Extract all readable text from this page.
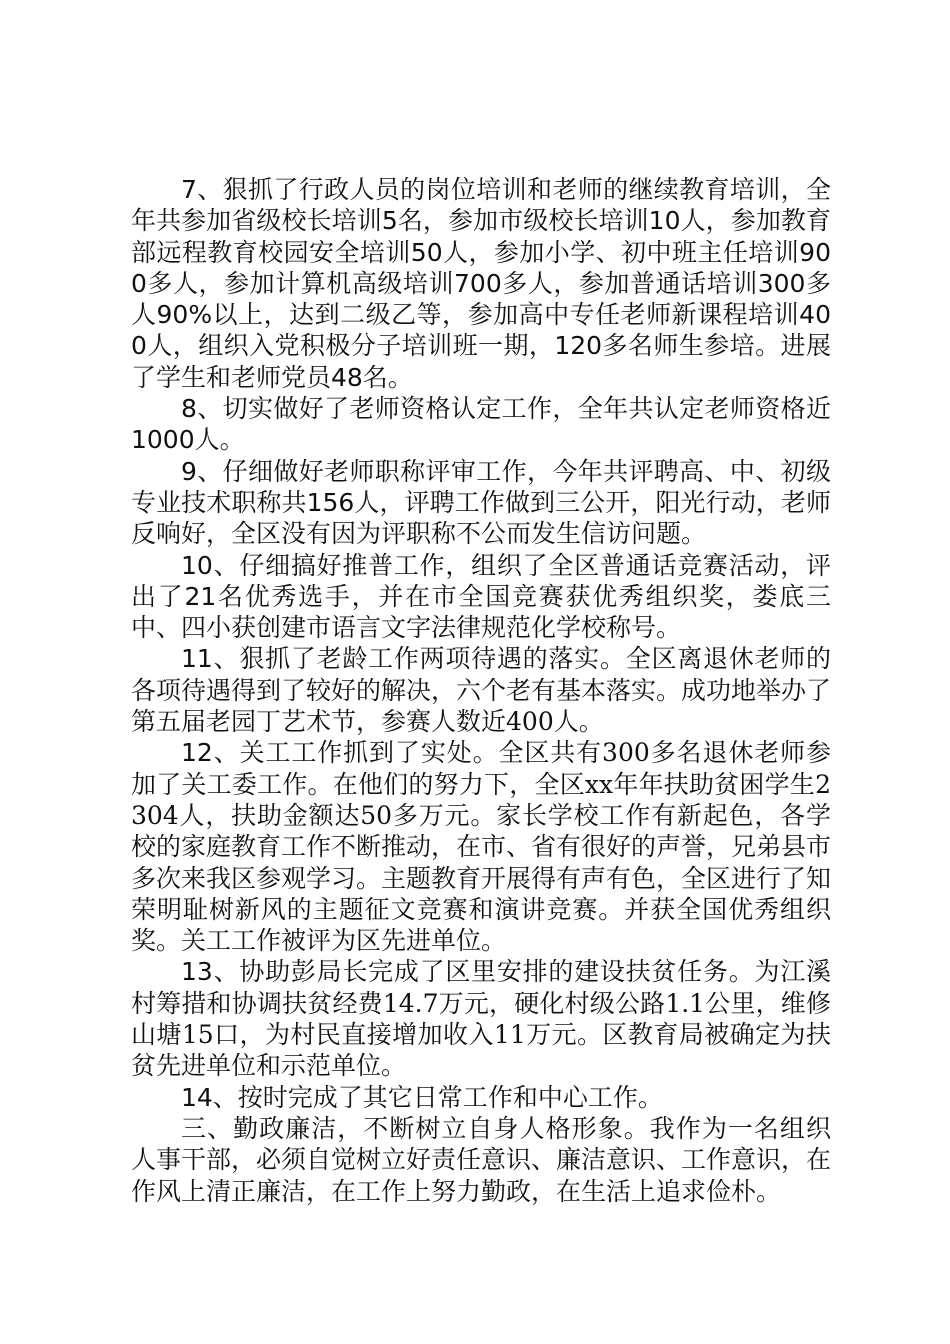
7、狠抓了行政人员的岗位培训和老师的继续教育培训，全年共参加省级校长培训5名，参加市级校长培训10人，参加教育部远程教育校园安全培训50人，参加小学、初中班主任培训900多人，参加计算机高级培训700多人，参加普通话培训300多人90%以上，达到二级乙等，参加高中专任老师新课程培训400人，组织入党积极分子培训班一期，120多名师生参培。进展了学生和老师党员48名。

8、切实做好了老师资格认定工作，全年共认定老师资格近1000人。

9、仔细做好老师职称评审工作，今年共评聘高、中、初级专业技术职称共156人，评聘工作做到三公开，阳光行动，老师反响好，全区没有因为评职称不公而发生信访问题。

10、仔细搞好推普工作，组织了全区普通话竞赛活动，评出了21名优秀选手，并在市全国竞赛获优秀组织奖，娄底三中、四小获创建市语言文字法律规范化学校称号。

11、狠抓了老龄工作两项待遇的落实。全区离退休老师的各项待遇得到了较好的解决，六个老有基本落实。成功地举办了第五届老园丁艺术节，参赛人数近400人。

12、关工工作抓到了实处。全区共有300多名退休老师参加了关工委工作。在他们的努力下，全区xx年年扶助贫困学生2304人，扶助金额达50多万元。家长学校工作有新起色，各学校的家庭教育工作不断推动，在市、省有很好的声誉，兄弟县市多次来我区参观学习。主题教育开展得有声有色，全区进行了知荣明耻树新风的主题征文竞赛和演讲竞赛。并获全国优秀组织奖。关工工作被评为区先进单位。

13、协助彭局长完成了区里安排的建设扶贫任务。为江溪村筹措和协调扶贫经费14.7万元，硬化村级公路1.1公里，维修山塘15口，为村民直接增加收入11万元。区教育局被确定为扶贫先进单位和示范单位。

14、按时完成了其它日常工作和中心工作。

三、勤政廉洁，不断树立自身人格形象。我作为一名组织人事干部，必须自觉树立好责任意识、廉洁意识、工作意识，在作风上清正廉洁，在工作上努力勤政，在生活上追求俭朴。
